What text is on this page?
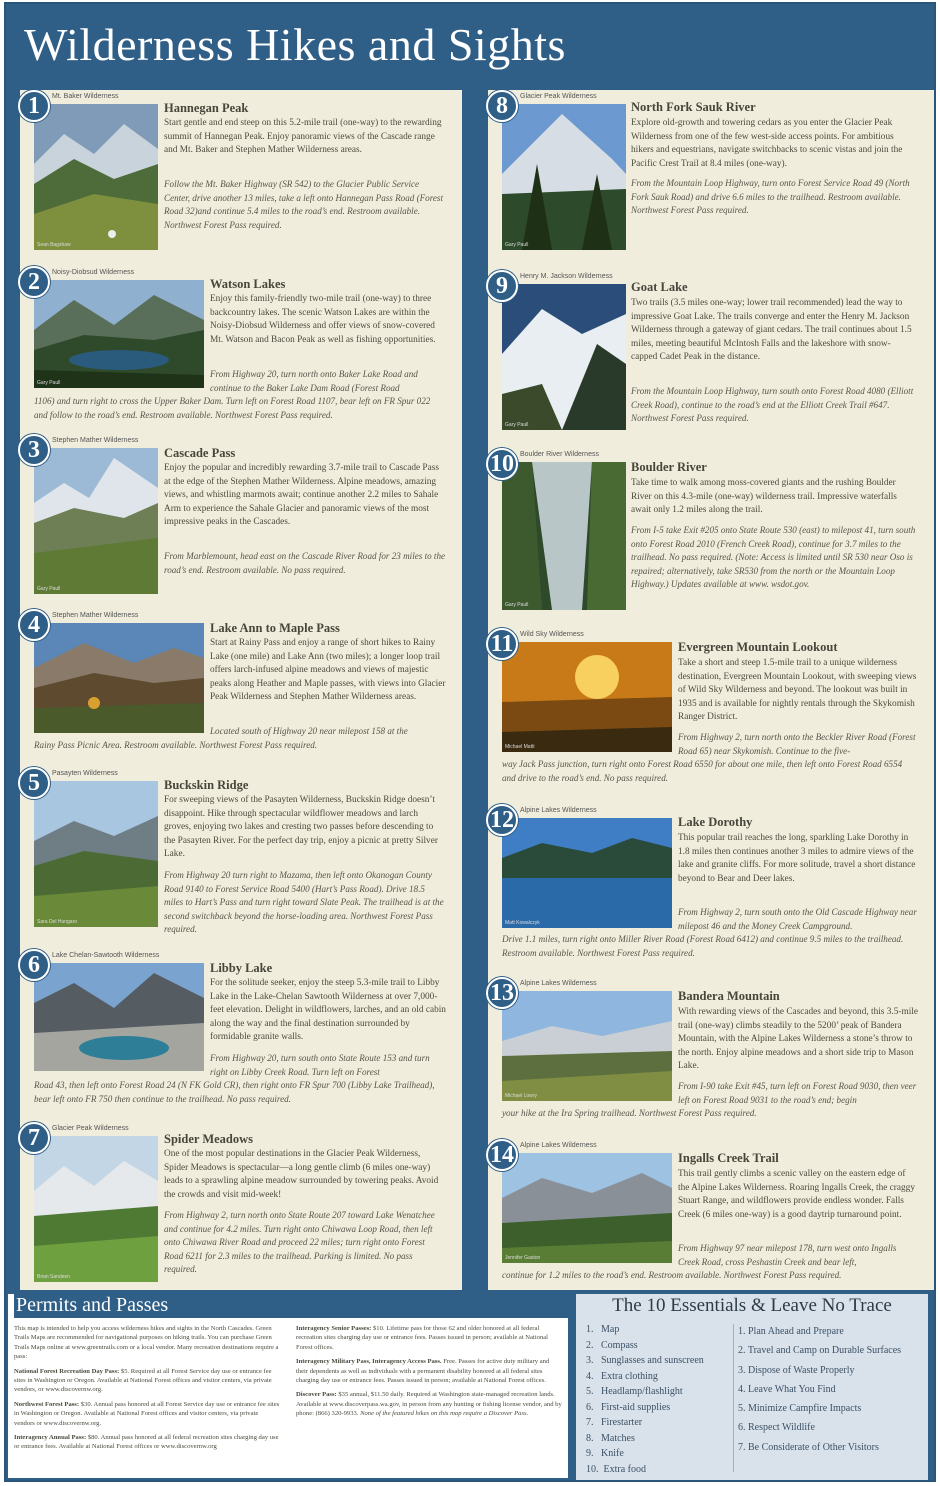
Wilderness Hikes and Sights
Mt. Baker Wilderness
Sean Bagshaw
1	Hannegan Peak
Start gentle and end steep on this 5.2-mile trail (one-way) to the rewarding summit of Hannegan Peak. Enjoy panoramic views of the Cascade range and Mt. Baker and Stephen Mather Wilderness areas.
Follow the Mt. Baker Highway (SR 542) to the Glacier Public Service Center, drive another 13 miles, take a left onto Hannegan Pass Road (Forest Road 32)and continue 5.4 miles to the road’s end. Restroom available. Northwest Forest Pass required.
Noisy-Diobsud Wilderness
Gary Paull
2	Watson Lakes
Enjoy this family-friendly two-mile trail (one-way) to three backcountry lakes. The scenic Watson Lakes are within the Noisy-Diobsud Wilderness and offer views of snow-covered Mt. Watson and Bacon Peak as well as fishing opportunities.
From Highway 20, turn north onto Baker Lake Road and continue to the Baker Lake Dam Road (Forest Road
1106) and turn right to cross the Upper Baker Dam. Turn left on Forest Road 1107, bear left on FR Spur 022 and follow to the road’s end. Restroom available. Northwest Forest Pass required.
Stephen Mather Wilderness
Gary Paull
3	Cascade Pass
Enjoy the popular and incredibly rewarding 3.7-mile trail to Cascade Pass at the edge of the Stephen Mather Wilderness. Alpine meadows, amazing views, and whistling marmots await; continue another 2.2 miles to Sahale Arm to experience the Sahale Glacier and panoramic views of the most impressive peaks in the Cascades.
From Marblemount, head east on the Cascade River Road for 23 miles to the road’s end. Restroom available. No pass required.
Stephen Mather Wilderness
4	Lake Ann to Maple Pass
Start at Rainy Pass and enjoy a range of short hikes to Rainy Lake (one mile) and Lake Ann (two miles); a longer loop trail offers larch-infused alpine meadows and views of majestic peaks along Heather and Maple passes, with views into Glacier Peak Wilderness and Stephen Mather Wilderness areas.
Located south of Highway 20 near milepost 158 at the
Rainy Pass Picnic Area. Restroom available. Northwest Forest Pass required.
Pasayten Wilderness
Sara Del Hungaro
5	Buckskin Ridge
For sweeping views of the Pasayten Wilderness, Buckskin Ridge doesn’t disappoint. Hike through spectacular wildflower meadows and larch groves, enjoying two lakes and cresting two passes before descending to the Pasayten River. For the perfect day trip, enjoy a picnic at pretty Silver Lake.
From Highway 20 turn right to Mazama, then left onto Okanogan County Road 9140 to Forest Service Road 5400 (Hart’s Pass Road). Drive 18.5 miles to Hart’s Pass and turn right toward Slate Peak. The trailhead is at the second switchback beyond the horse-loading area. Northwest Forest Pass required.
Lake Chelan-Sawtooth Wilderness
6	Libby Lake
For the solitude seeker, enjoy the steep 5.3-mile trail to Libby Lake in the Lake-Chelan Sawtooth Wilderness at over 7,000-feet elevation. Delight in wildflowers, larches, and an old cabin along the way and the final destination surrounded by formidable granite walls.
From Highway 20, turn south onto State Route 153 and turn right on Libby Creek Road. Turn left on Forest
Road 43, then left onto Forest Road 24 (N FK Gold CR), then right onto FR Spur 700 (Libby Lake Trailhead), bear left onto FR 750 then continue to the trailhead. No pass required.
Glacier Peak Wilderness
Brian Sandeen
7	Spider Meadows
One of the most popular destinations in the Glacier Peak Wilderness, Spider Meadows is spectacular—a long gentle climb (6 miles one-way) leads to a sprawling alpine meadow surrounded by towering peaks. Avoid the crowds and visit mid-week!
From Highway 2, turn north onto State Route 207 toward Lake Wenatchee and continue for 4.2 miles. Turn right onto Chiwawa Loop Road, then left onto Chiwawa River Road and proceed 22 miles; turn right onto Forest Road 6211 for 2.3 miles to the trailhead. Parking is limited. No pass required.
Glacier Peak Wilderness
Gary Paull
8	North Fork Sauk River
Explore old-growth and towering cedars as you enter the Glacier Peak Wilderness from one of the few west-side access points. For ambitious hikers and equestrians, navigate switchbacks to scenic vistas and join the Pacific Crest Trail at 8.4 miles (one-way).
From the Mountain Loop Highway, turn onto Forest Service Road 49 (North Fork Sauk Road) and drive 6.6 miles to the trailhead. Restroom available. Northwest Forest Pass required.
Henry M. Jackson Wilderness
Gary Paull
9	Goat Lake
Two trails (3.5 miles one-way; lower trail recommended) lead the way to impressive Goat Lake. The trails converge and enter the Henry M. Jackson Wilderness through a gateway of giant cedars. The trail continues about 1.5 miles, meeting beautiful McIntosh Falls and the lakeshore with snow-capped Cadet Peak in the distance.
From the Mountain Loop Highway, turn south onto Forest Road 4080 (Elliott Creek Road), continue to the road’s end at the Elliott Creek Trail #647. Northwest Forest Pass required.
Boulder River Wilderness
Gary Paull
10	Boulder River
Take time to walk among moss-covered giants and the rushing Boulder River on this 4.3-mile (one-way) wilderness trail. Impressive waterfalls await only 1.2 miles along the trail.
From I-5 take Exit #205 onto State Route 530 (east) to milepost 41, turn south onto Forest Road 2010 (French Creek Road), continue for 3.7 miles to the trailhead. No pass required. (Note: Access is limited until SR 530 near Oso is repaired; alternatively, take SR530 from the north or the Mountain Loop Highway.) Updates available at www. wsdot.gov.
Wild Sky Wilderness
Michael Matti
11	Evergreen Mountain Lookout
Take a short and steep 1.5-mile trail to a unique wilderness destination, Evergreen Mountain Lookout, with sweeping views of Wild Sky Wilderness and beyond. The lookout was built in 1935 and is available for nightly rentals through the Skykomish Ranger District.
From Highway 2, turn north onto the Beckler River Road (Forest Road 65) near Skykomish. Continue to the five-
way Jack Pass junction, turn right onto Forest Road 6550 for about one mile, then left onto Forest Road 6554 and drive to the road’s end. No pass required.
Alpine Lakes Wilderness
Matt Kowalczyk
12	Lake Dorothy
This popular trail reaches the long, sparkling Lake Dorothy in 1.8 miles then continues another 3 miles to admire views of the lake and granite cliffs. For more solitude, travel a short distance beyond to Bear and Deer lakes.
From Highway 2, turn south onto the Old Cascade Highway near milepost 46 and the Money Creek Campground.
Drive 1.1 miles, turn right onto Miller River Road (Forest Road 6412) and continue 9.5 miles to the trailhead. Restroom available. Northwest Forest Pass required.
Alpine Lakes Wilderness
Michael Lowry
13	Bandera Mountain
With rewarding views of the Cascades and beyond, this 3.5-mile trail (one-way) climbs steadily to the 5200’ peak of Bandera Mountain, with the Alpine Lakes Wilderness a stone’s throw to the north. Enjoy alpine meadows and a short side trip to Mason Lake.
From I-90 take Exit #45, turn left on Forest Road 9030, then veer left on Forest Road 9031 to the road’s end; begin
your hike at the Ira Spring trailhead. Northwest Forest Pass required.
Alpine Lakes Wilderness
Jennifer Gaston
14	Ingalls Creek Trail
This trail gently climbs a scenic valley on the eastern edge of the Alpine Lakes Wilderness. Roaring Ingalls Creek, the craggy Stuart Range, and wildflowers provide endless wonder. Falls Creek (6 miles one-way) is a good daytrip turnaround point.
From Highway 97 near milepost 178, turn west onto Ingalls Creek Road, cross Peshastin Creek and bear left,
continue for 1.2 miles to the road’s end. Restroom available. Northwest Forest Pass required.
Permits and Passes

This map is intended to help you access wilderness hikes and sights in the North Cascades. Green Trails Maps are recommended for navigational purposes on hiking trails. You can purchase Green Trails Maps online at www.greentrails.com or a local vendor. Many recreation destinations require a pass:

National Forest Recreation Day Pass: $5. Required at all Forest Service day use or entrance fee sites in Washington or Oregon. Available at National Forest offices and visitor centers, via private vendors, or www.discovernw.org.

Northwest Forest Pass: $30. Annual pass honored at all Forest Service day use or entrance fee sites in Washington or Oregon. Available at National Forest offices and visitor centers, via private vendors or www.discovernw.org.

Interagency Annual Pass: $80. Annual pass honored at all federal recreation sites charging day use or entrance fees. Available at National Forest offices or www.discovernw.org

Interagency Senior Passes: $10. Lifetime pass for those 62 and older honored at all federal recreation sites charging day use or entrance fees. Passes issued in person; available at National Forest offices.

Interagency Military Pass, Interagency Access Pass. Free. Passes for active duty military and their dependents as well as individuals with a permanent disability honored at all federal sites charging day use or entrance fees. Passes issued in person; available at National Forest offices.

Discover Pass: $35 annual, $11.50 daily. Required at Washington state-managed recreation lands. Available at www.discoverpass.wa.gov, in person from any hunting or fishing license vendor, and by phone: (866) 320-9933. None of the featured hikes on this map require a Discover Pass.

The 10 Essentials & Leave No Trace
1.   Map
2.   Compass
3.   Sunglasses and sunscreen
4.   Extra clothing
5.   Headlamp/flashlight
6.   First-aid supplies
7.   Firestarter
8.   Matches
9.   Knife
10.  Extra food
1. Plan Ahead and Prepare
2. Travel and Camp on Durable Surfaces
3. Dispose of Waste Properly
4. Leave What You Find
5. Minimize Campfire Impacts
6. Respect Wildlife
7. Be Considerate of Other Visitors
